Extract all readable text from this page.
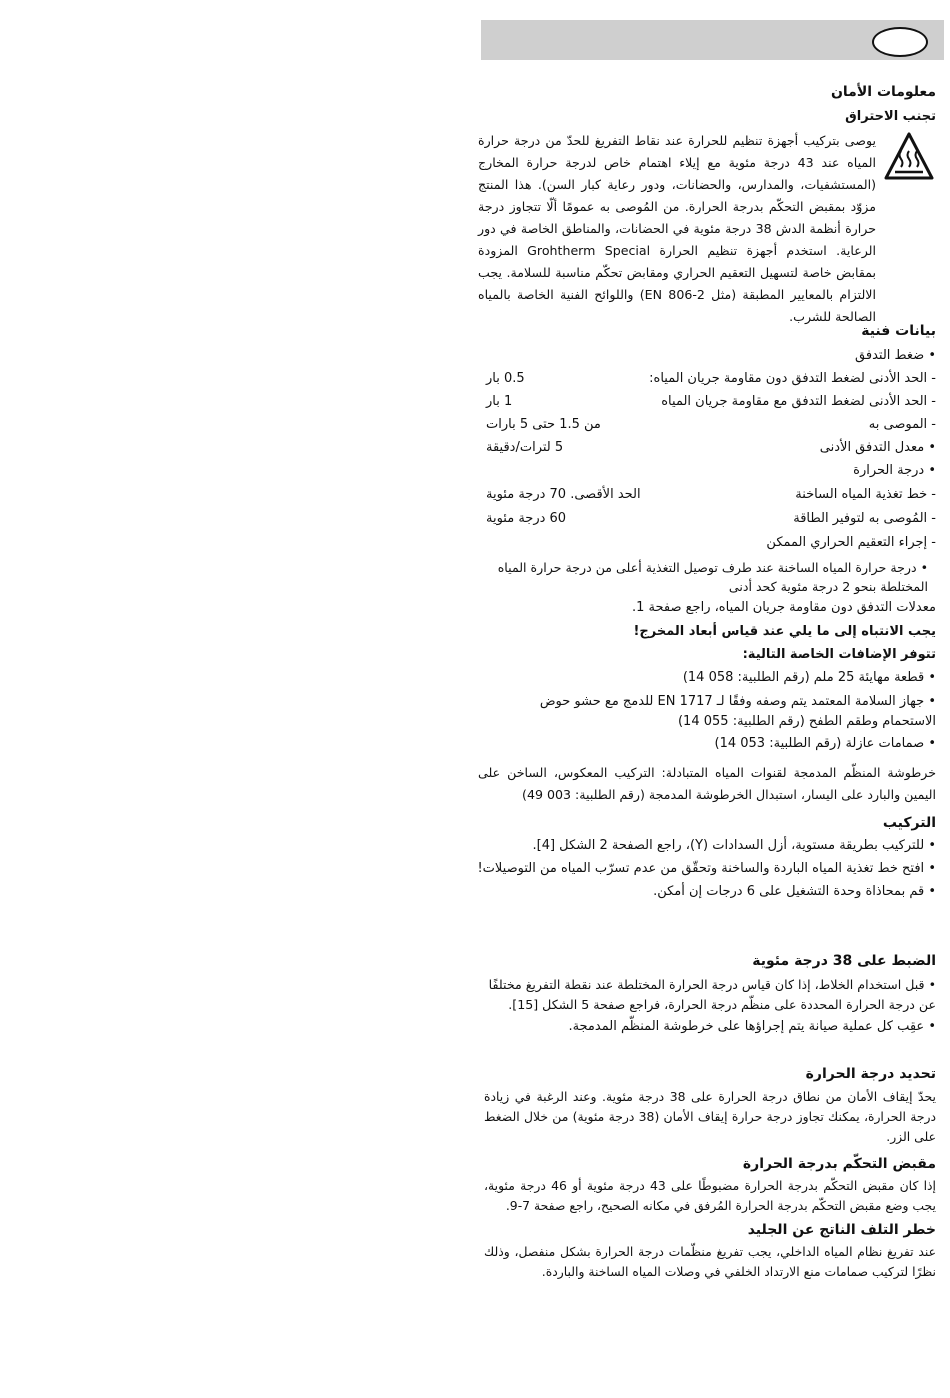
معلومات الأمان
تجنب الاحتراق
يوصى بتركيب أجهزة تنظيم للحرارة عند نقاط التفريغ للحدّ من درجة حرارة المياه عند 43 درجة مئوية مع إيلاء اهتمام خاص لدرجة حرارة المخارج (المستشفيات، والمدارس، والحضانات، ودور رعاية كبار السن). هذا المنتج مزوّد بمقبض التحكّم بدرجة الحرارة. من المُوصى به عمومًا ألّا تتجاوز درجة حرارة أنظمة الدش 38 درجة مئوية في الحضانات، والمناطق الخاصة في دور الرعاية. استخدم أجهزة تنظيم الحرارة Grohtherm Special المزودة بمقابض خاصة لتسهيل التعقيم الحراري ومقابض تحكّم مناسبة للسلامة. يجب الالتزام بالمعايير المطبقة (مثل EN 806-2) واللوائح الفنية الخاصة بالمياه الصالحة للشرب.
بيانات فنية
• ضغط التدفق
- الحد الأدنى لضغط التدفق دون مقاومة جريان المياه:
0.5 بار
- الحد الأدنى لضغط التدفق مع مقاومة جريان المياه
1 بار
- الموصى به
من 1.5 حتى 5 بارات
• معدل التدفق الأدنى
5 لترات/دقيقة
• درجة الحرارة
- خط تغذية المياه الساخنة
الحد الأقصى. 70 درجة مئوية
- المُوصى به لتوفير الطاقة
60 درجة مئوية
- إجراء التعقيم الحراري الممكن
• درجة حرارة المياه الساخنة عند طرف توصيل التغذية أعلى من درجة حرارة المياه المختلطة بنحو 2 درجة مئوية كحد أدنى
معدلات التدفق دون مقاومة جريان المياه، راجع صفحة 1.
يجب الانتباه إلى ما يلي عند قياس أبعاد المخرج!
تتوفر الإضافات الخاصة التالية:
• قطعة مهايئة 25 ملم (رقم الطلبية: 058 14)
• جهاز السلامة المعتمد يتم وصفه وفقًا لـ EN 1717 للدمج مع حشو حوض الاستحمام وطقم الطفح (رقم الطلبية: 055 14)
• صمامات عازلة (رقم الطلبية: 053 14)
خرطوشة المنظّم المدمجة لقنوات المياه المتبادلة: التركيب المعكوس، الساخن على اليمين والبارد على اليسار، استبدال الخرطوشة المدمجة (رقم الطلبية: 003 49)
التركيب
• للتركيب بطريقة مستوية، أزل السدادات (Y)، راجع الصفحة 2 الشكل [4].
• افتح خط تغذية المياه الباردة والساخنة وتحقّق من عدم تسرّب المياه من التوصيلات!
• قم بمحاذاة وحدة التشغيل على 6 درجات إن أمكن.
الضبط على 38 درجة مئوية
• قبل استخدام الخلاط، إذا كان قياس درجة الحرارة المختلطة عند نقطة التفريغ مختلفًا عن درجة الحرارة المحددة على منظّم درجة الحرارة، فراجع صفحة 5 الشكل [15].
• عقِب كل عملية صيانة يتم إجراؤها على خرطوشة المنظّم المدمجة.
تحديد درجة الحرارة
يحدّ إيقاف الأمان من نطاق درجة الحرارة على 38 درجة مئوية. وعند الرغبة في زيادة درجة الحرارة، يمكنك تجاوز درجة حرارة إيقاف الأمان (38 درجة مئوية) من خلال الضغط على الزر.
مقبض التحكّم بدرجة الحرارة
إذا كان مقبض التحكّم بدرجة الحرارة مضبوطًا على 43 درجة مئوية أو 46 درجة مئوية، يجب وضع مقبض التحكّم بدرجة الحرارة المُرفق في مكانه الصحيح، راجع صفحة 7-9.
خطر التلف الناتج عن الجليد
عند تفريغ نظام المياه الداخلي، يجب تفريغ منظّمات درجة الحرارة بشكل منفصل، وذلك نظرًا لتركيب صمامات منع الارتداد الخلفي في وصلات المياه الساخنة والباردة.
